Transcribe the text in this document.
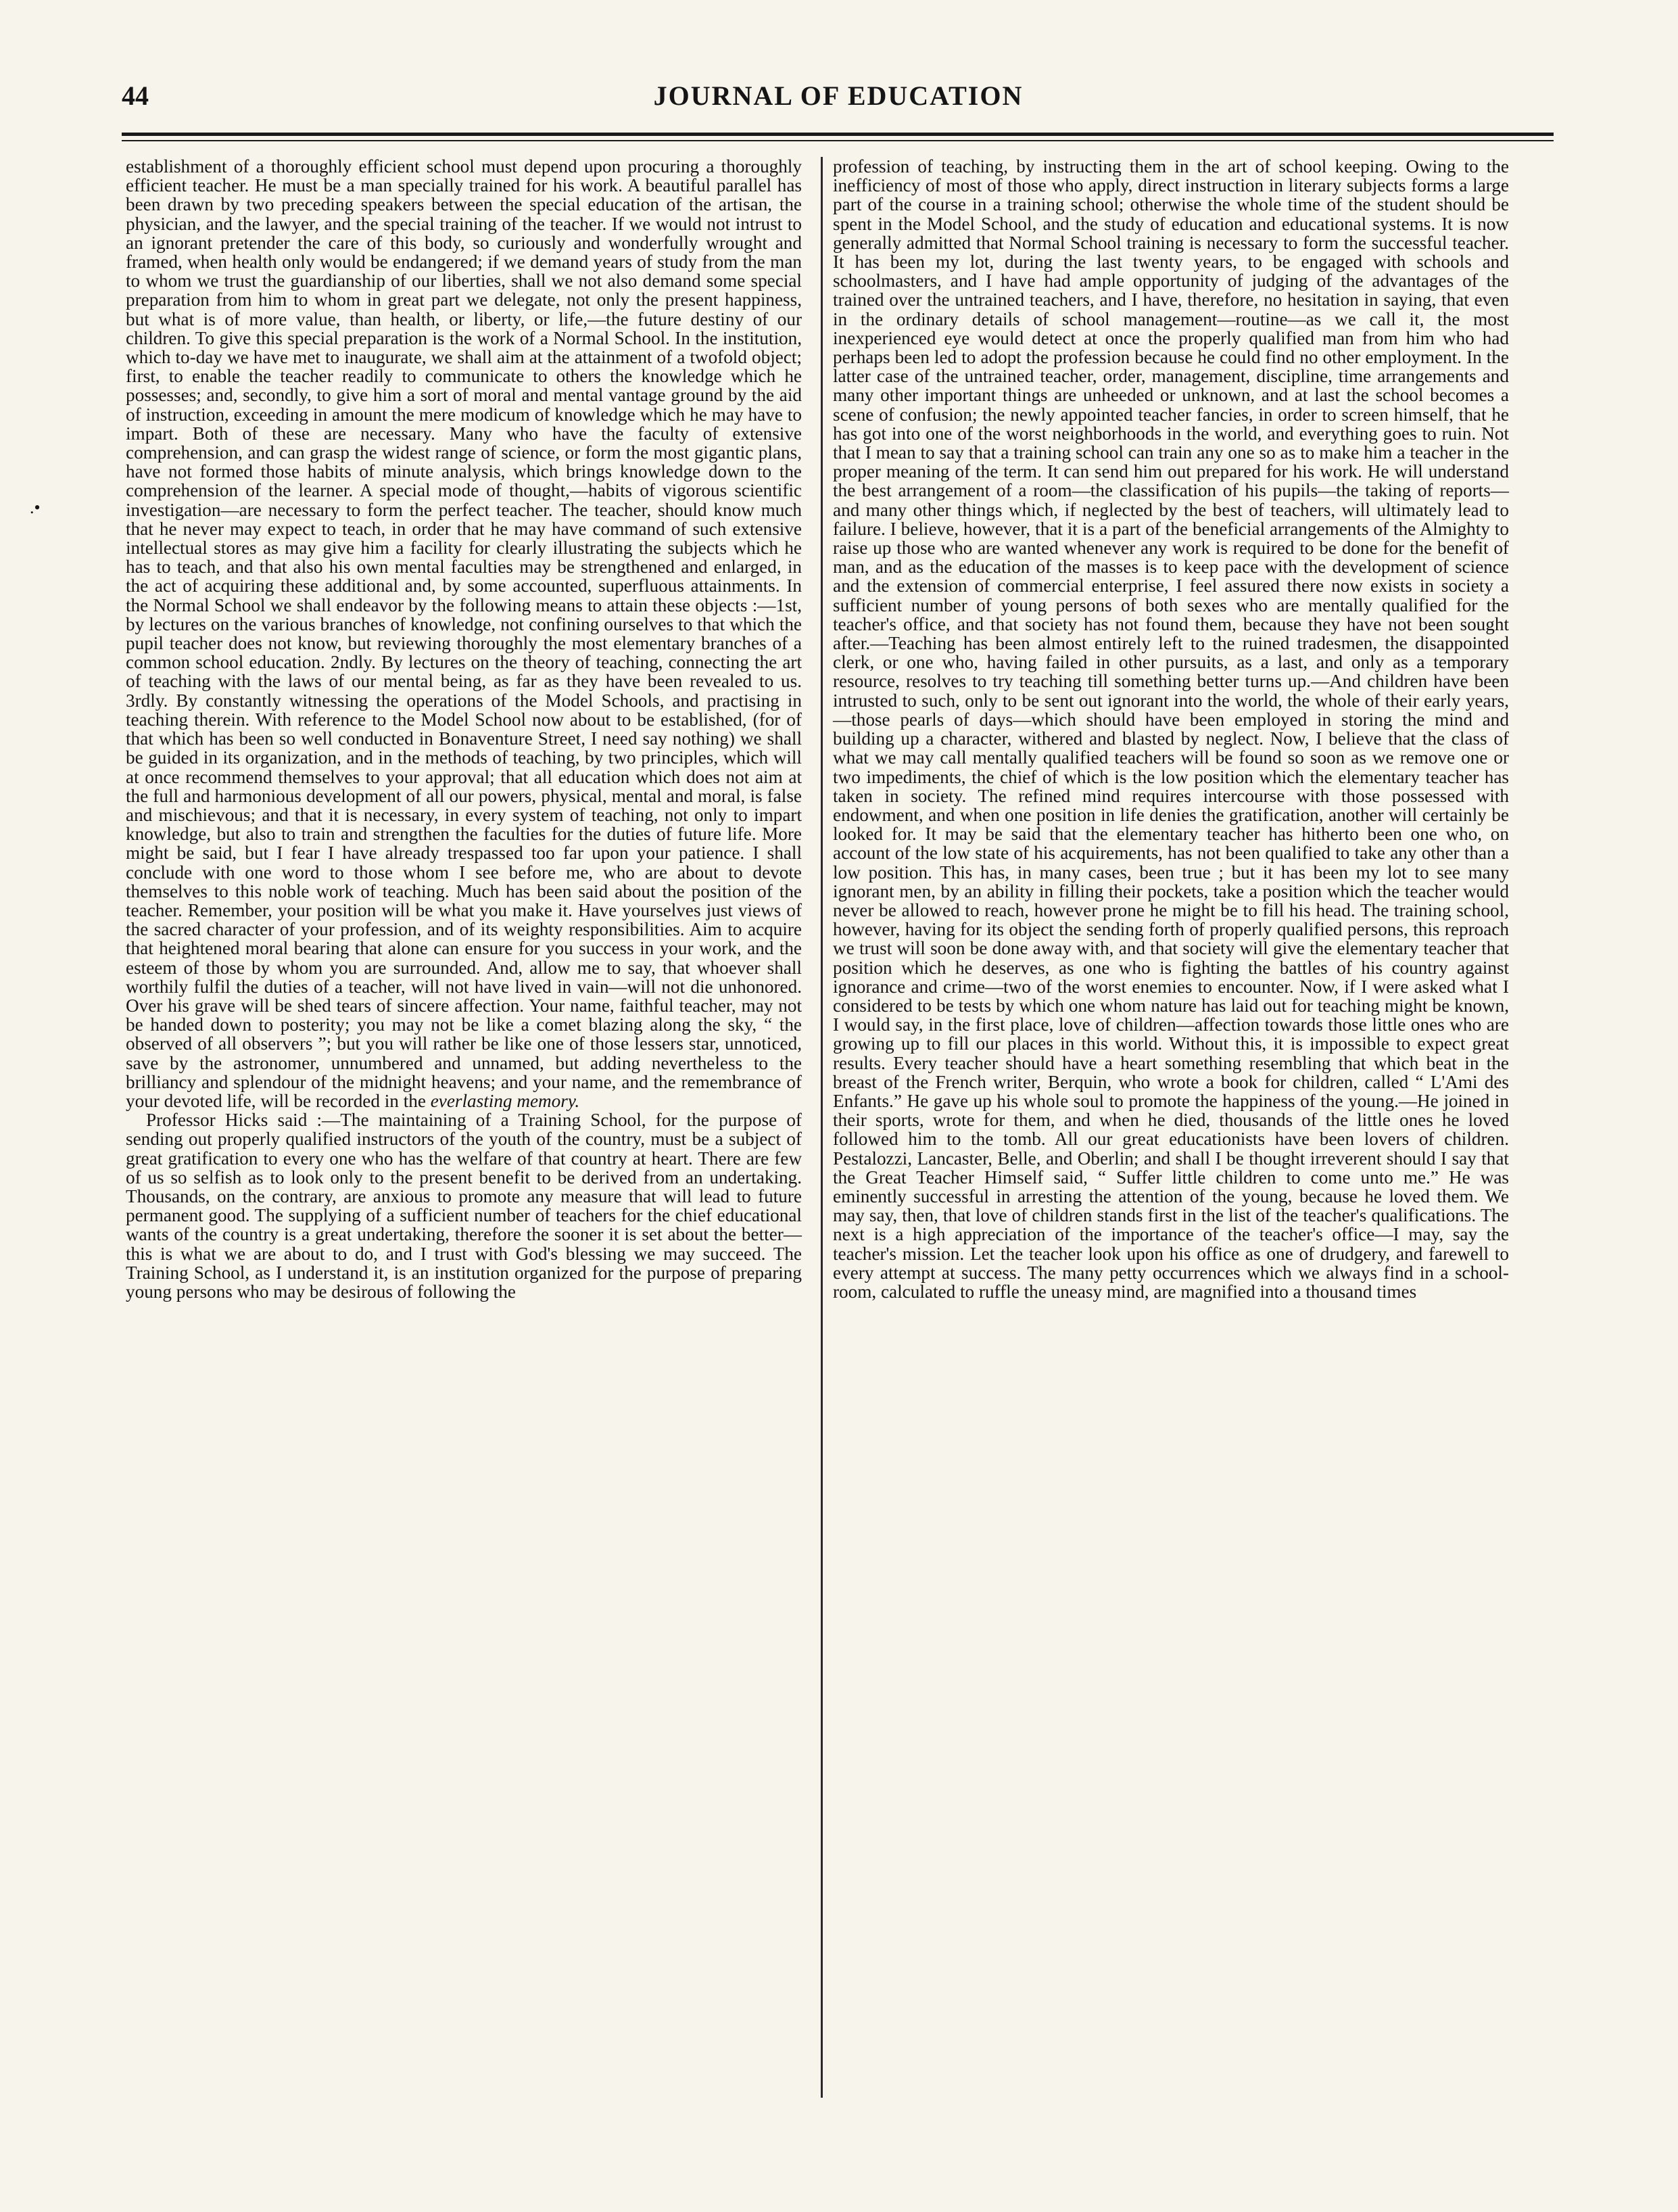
44	JOURNAL OF EDUCATION
.•

establishment of a thoroughly efficient school must depend upon procuring a thoroughly efficient teacher. He must be a man specially trained for his work. A beautiful parallel has been drawn by two preceding speakers between the special education of the artisan, the physician, and the lawyer, and the special training of the teacher. If we would not intrust to an ignorant pretender the care of this body, so curiously and wonderfully wrought and framed, when health only would be endangered; if we demand years of study from the man to whom we trust the guardianship of our liberties, shall we not also demand some special preparation from him to whom in great part we delegate, not only the present happiness, but what is of more value, than health, or liberty, or life,—the future destiny of our children. To give this special preparation is the work of a Normal School. In the institution, which to-day we have met to inaugurate, we shall aim at the attainment of a twofold object; first, to enable the teacher readily to communicate to others the knowledge which he possesses; and, secondly, to give him a sort of moral and mental vantage ground by the aid of instruction, exceeding in amount the mere modicum of knowledge which he may have to impart. Both of these are necessary. Many who have the faculty of extensive comprehension, and can grasp the widest range of science, or form the most gigantic plans, have not formed those habits of minute analysis, which brings knowledge down to the comprehension of the learner. A special mode of thought,—habits of vigorous scientific investigation—are necessary to form the perfect teacher. The teacher, should know much that he never may expect to teach, in order that he may have command of such extensive intellectual stores as may give him a facility for clearly illustrating the subjects which he has to teach, and that also his own mental faculties may be strengthened and enlarged, in the act of acquiring these additional and, by some accounted, superfluous attainments. In the Normal School we shall endeavor by the following means to attain these objects :—1st, by lectures on the various branches of knowledge, not confining ourselves to that which the pupil teacher does not know, but reviewing thoroughly the most elementary branches of a common school education. 2ndly. By lectures on the theory of teaching, connecting the art of teaching with the laws of our mental being, as far as they have been revealed to us. 3rdly. By constantly witnessing the operations of the Model Schools, and practising in teaching therein. With reference to the Model School now about to be established, (for of that which has been so well conducted in Bonaventure Street, I need say nothing) we shall be guided in its organization, and in the methods of teaching, by two principles, which will at once recommend themselves to your approval; that all education which does not aim at the full and harmonious development of all our powers, physical, mental and moral, is false and mischievous; and that it is necessary, in every system of teaching, not only to impart knowledge, but also to train and strengthen the faculties for the duties of future life. More might be said, but I fear I have already trespassed too far upon your patience. I shall conclude with one word to those whom I see before me, who are about to devote themselves to this noble work of teaching. Much has been said about the position of the teacher. Remember, your position will be what you make it. Have yourselves just views of the sacred character of your profession, and of its weighty responsibilities. Aim to acquire that heightened moral bearing that alone can ensure for you success in your work, and the esteem of those by whom you are surrounded. And, allow me to say, that whoever shall worthily fulfil the duties of a teacher, will not have lived in vain—will not die unhonored. Over his grave will be shed tears of sincere affection. Your name, faithful teacher, may not be handed down to posterity; you may not be like a comet blazing along the sky, “ the observed of all observers ”; but you will rather be like one of those lessers star, unnoticed, save by the astronomer, unnumbered and unnamed, but adding nevertheless to the brilliancy and splendour of the midnight heavens; and your name, and the remembrance of your devoted life, will be recorded in the everlasting memory.

Professor Hicks said :—The maintaining of a Training School, for the purpose of sending out properly qualified instructors of the youth of the country, must be a subject of great gratification to every one who has the welfare of that country at heart. There are few of us so selfish as to look only to the present benefit to be derived from an undertaking. Thousands, on the contrary, are anxious to promote any measure that will lead to future permanent good. The supplying of a sufficient number of teachers for the chief educational wants of the country is a great undertaking, therefore the sooner it is set about the better—this is what we are about to do, and I trust with God's blessing we may succeed. The Training School, as I understand it, is an institution organized for the purpose of preparing young persons who may be desirous of following the

profession of teaching, by instructing them in the art of school keeping. Owing to the inefficiency of most of those who apply, direct instruction in literary subjects forms a large part of the course in a training school; otherwise the whole time of the student should be spent in the Model School, and the study of education and educational systems. It is now generally admitted that Normal School training is necessary to form the successful teacher. It has been my lot, during the last twenty years, to be engaged with schools and schoolmasters, and I have had ample opportunity of judging of the advantages of the trained over the untrained teachers, and I have, therefore, no hesitation in saying, that even in the ordinary details of school management—routine—as we call it, the most inexperienced eye would detect at once the properly qualified man from him who had perhaps been led to adopt the profession because he could find no other employment. In the latter case of the untrained teacher, order, management, discipline, time arrangements and many other important things are unheeded or unknown, and at last the school becomes a scene of confusion; the newly appointed teacher fancies, in order to screen himself, that he has got into one of the worst neighborhoods in the world, and everything goes to ruin. Not that I mean to say that a training school can train any one so as to make him a teacher in the proper meaning of the term. It can send him out prepared for his work. He will understand the best arrangement of a room—the classification of his pupils—the taking of reports—and many other things which, if neglected by the best of teachers, will ultimately lead to failure. I believe, however, that it is a part of the beneficial arrangements of the Almighty to raise up those who are wanted whenever any work is required to be done for the benefit of man, and as the education of the masses is to keep pace with the development of science and the extension of commercial enterprise, I feel assured there now exists in society a sufficient number of young persons of both sexes who are mentally qualified for the teacher's office, and that society has not found them, because they have not been sought after.—Teaching has been almost entirely left to the ruined tradesmen, the disappointed clerk, or one who, having failed in other pursuits, as a last, and only as a temporary resource, resolves to try teaching till something better turns up.—And children have been intrusted to such, only to be sent out ignorant into the world, the whole of their early years,—those pearls of days—which should have been employed in storing the mind and building up a character, withered and blasted by neglect. Now, I believe that the class of what we may call mentally qualified teachers will be found so soon as we remove one or two impediments, the chief of which is the low position which the elementary teacher has taken in society. The refined mind requires intercourse with those possessed with endowment, and when one position in life denies the gratification, another will certainly be looked for. It may be said that the elementary teacher has hitherto been one who, on account of the low state of his acquirements, has not been qualified to take any other than a low position. This has, in many cases, been true ; but it has been my lot to see many ignorant men, by an ability in filling their pockets, take a position which the teacher would never be allowed to reach, however prone he might be to fill his head. The training school, however, having for its object the sending forth of properly qualified persons, this reproach we trust will soon be done away with, and that society will give the elementary teacher that position which he deserves, as one who is fighting the battles of his country against ignorance and crime—two of the worst enemies to encounter. Now, if I were asked what I considered to be tests by which one whom nature has laid out for teaching might be known, I would say, in the first place, love of children—affection towards those little ones who are growing up to fill our places in this world. Without this, it is impossible to expect great results. Every teacher should have a heart something resembling that which beat in the breast of the French writer, Berquin, who wrote a book for children, called “ L'Ami des Enfants.” He gave up his whole soul to promote the happiness of the young.—He joined in their sports, wrote for them, and when he died, thousands of the little ones he loved followed him to the tomb. All our great educationists have been lovers of children. Pestalozzi, Lancaster, Belle, and Oberlin; and shall I be thought irreverent should I say that the Great Teacher Himself said, “ Suffer little children to come unto me.” He was eminently successful in arresting the attention of the young, because he loved them. We may say, then, that love of children stands first in the list of the teacher's qualifications. The next is a high appreciation of the importance of the teacher's office—I may, say the teacher's mission. Let the teacher look upon his office as one of drudgery, and farewell to every attempt at success. The many petty occurrences which we always find in a school-room, calculated to ruffle the uneasy mind, are magnified into a thousand times
